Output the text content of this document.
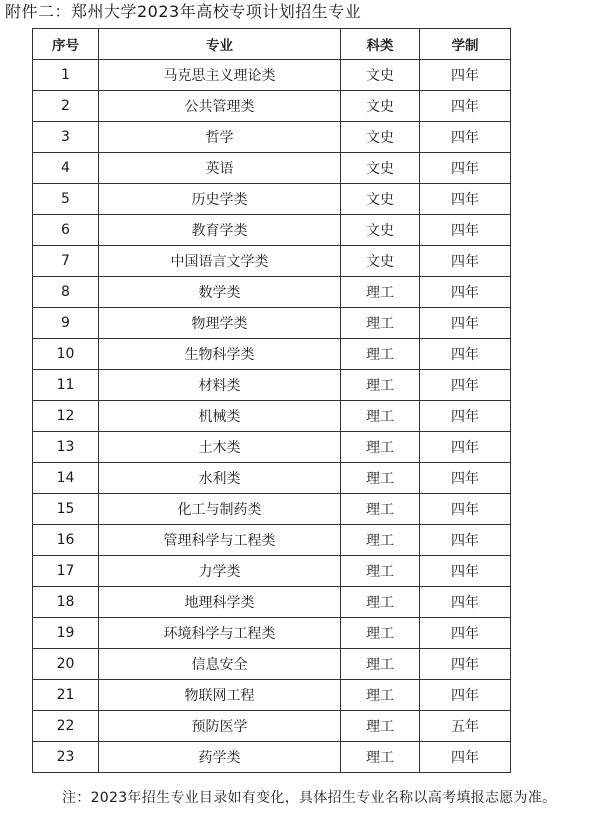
附件二：郑州大学2023年高校专项计划招生专业
序号	专业	科类	学制
1	马克思主义理论类	文史	四年
2	公共管理类	文史	四年
3	哲学	文史	四年
4	英语	文史	四年
5	历史学类	文史	四年
6	教育学类	文史	四年
7	中国语言文学类	文史	四年
8	数学类	理工	四年
9	物理学类	理工	四年
10	生物科学类	理工	四年
11	材料类	理工	四年
12	机械类	理工	四年
13	土木类	理工	四年
14	水利类	理工	四年
15	化工与制药类	理工	四年
16	管理科学与工程类	理工	四年
17	力学类	理工	四年
18	地理科学类	理工	四年
19	环境科学与工程类	理工	四年
20	信息安全	理工	四年
21	物联网工程	理工	四年
22	预防医学	理工	五年
23	药学类	理工	四年
注：2023年招生专业目录如有变化，具体招生专业名称以高考填报志愿为准。
